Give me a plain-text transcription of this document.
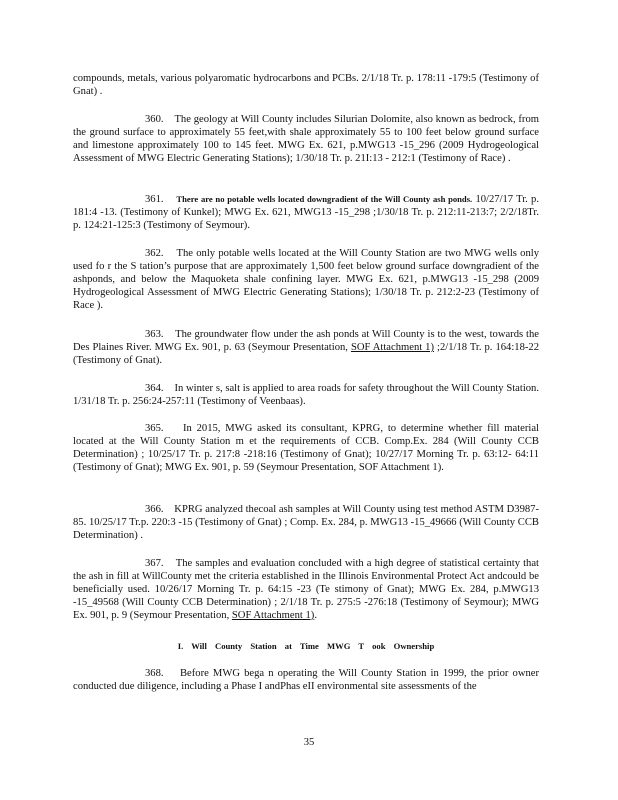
compounds, metals, various polyaromatic hydrocarbons and PCBs. 2/1/18 Tr. p. 178:11 -179:5 (Testimony of Gnat) .

360. The geology at Will County includes Silurian Dolomite, also known as bedrock, from the ground surface to approximately 55 feet,with shale approximately 55 to 100 feet below ground surface and limestone approximately 100 to 145 feet. MWG Ex. 621, p.MWG13 -15_296 (2009 Hydrogeological Assessment of MWG Electric Generating Stations); 1/30/18 Tr. p. 21I:13 - 212:1 (Testimony of Race) .

361. There are no potable wells located downgradient of the Will County ash ponds. 10/27/17 Tr. p. 181:4 -13. (Testimony of Kunkel); MWG Ex. 621, MWG13 -15_298 ;1/30/18 Tr. p. 212:11-213:7; 2/2/18Tr. p. 124:21-125:3 (Testimony of Seymour).

362. The only potable wells located at the Will County Station are two MWG wells only used fo r the S tation’s purpose that are approximately 1,500 feet below ground surface downgradient of the ashponds, and below the Maquoketa shale confining layer. MWG Ex. 621, p.MWG13 -15_298 (2009 Hydrogeological Assessment of MWG Electric Generating Stations); 1/30/18 Tr. p. 212:2-23 (Testimony of Race ).

363. The groundwater flow under the ash ponds at Will County is to the west, towards the Des Plaines River. MWG Ex. 901, p. 63 (Seymour Presentation, SOF Attachment 1) ;2/1/18 Tr. p. 164:18-22 (Testimony of Gnat).

364. In winter s, salt is applied to area roads for safety throughout the Will County Station. 1/31/18 Tr. p. 256:24-257:11 (Testimony of Veenbaas).

365. In 2015, MWG asked its consultant, KPRG, to determine whether fill material located at the Will County Station m et the requirements of CCB. Comp.Ex. 284 (Will County CCB Determination) ; 10/25/17 Tr. p. 217:8 -218:16 (Testimony of Gnat); 10/27/17 Morning Tr. p. 63:12- 64:11 (Testimony of Gnat); MWG Ex. 901, p. 59 (Seymour Presentation, SOF Attachment 1).

366. KPRG analyzed thecoal ash samples at Will County using test method ASTM D3987- 85. 10/25/17 Tr.p. 220:3 -15 (Testimony of Gnat) ; Comp. Ex. 284, p. MWG13 -15_49666 (Will County CCB Determination) .

367. The samples and evaluation concluded with a high degree of statistical certainty that the ash in fill at WillCounty met the criteria established in the Illinois Environmental Protect Act andcould be beneficially used. 10/26/17 Morning Tr. p. 64:15 -23 (Te stimony of Gnat); MWG Ex. 284, p.MWG13 -15_49568 (Will County CCB Determination) ; 2/1/18 Tr. p. 275:5 -276:18 (Testimony of Seymour); MWG Ex. 901, p. 9 (Seymour Presentation, SOF Attachment 1).

I. Will County Station at Time MWG T ook Ownership

368. Before MWG bega n operating the Will County Station in 1999, the prior owner conducted due diligence, including a Phase I andPhas eII environmental site assessments of the

35
